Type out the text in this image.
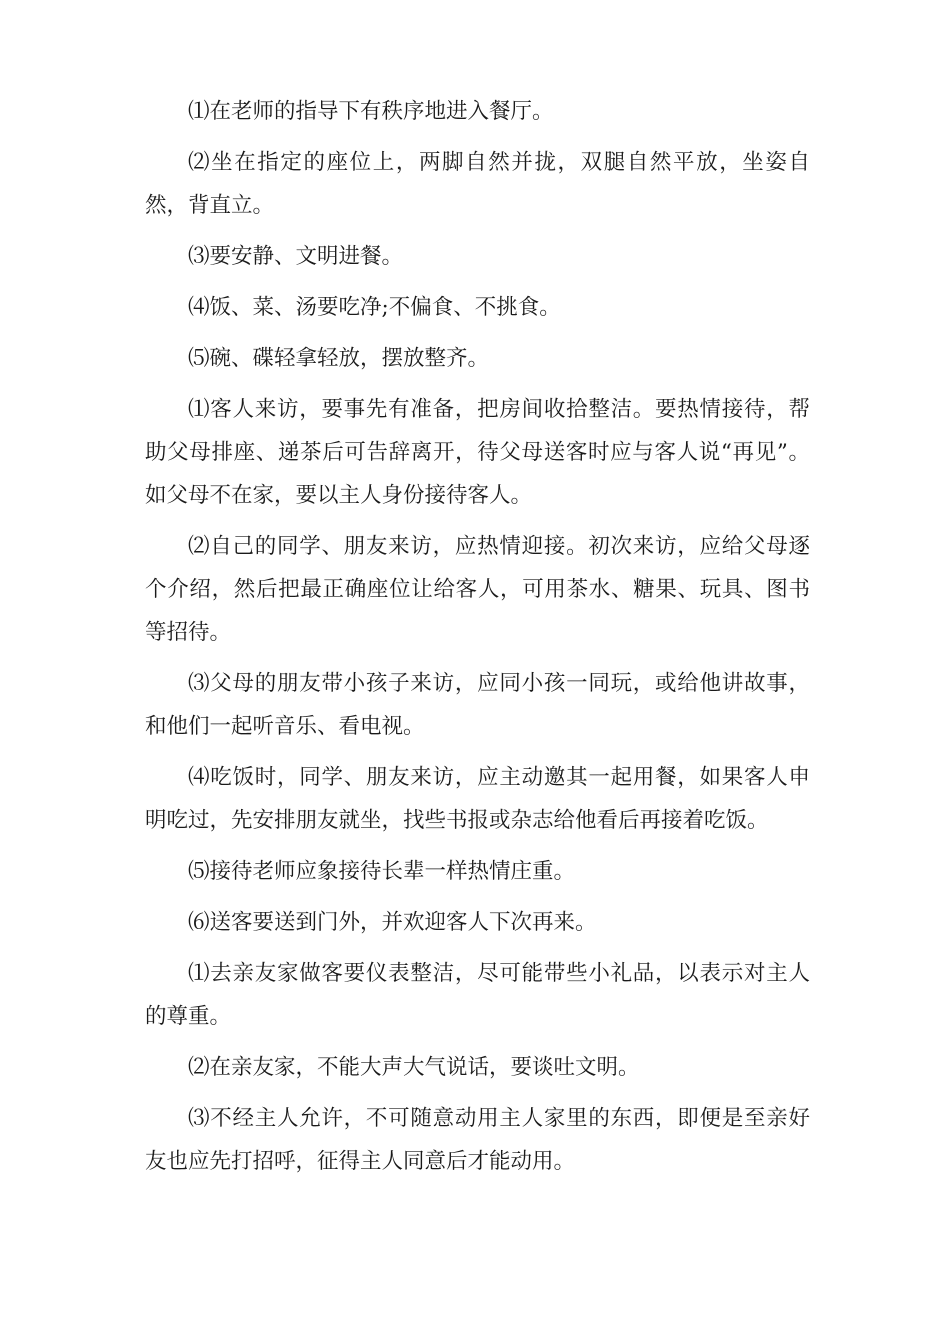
⑴在老师的指导下有秩序地进入餐厅。

⑵坐在指定的座位上，两脚自然并拢，双腿自然平放，坐姿自然，背直立。

⑶要安静、文明进餐。

⑷饭、菜、汤要吃净;不偏食、不挑食。

⑸碗、碟轻拿轻放，摆放整齐。

⑴客人来访，要事先有准备，把房间收拾整洁。要热情接待，帮助父母排座、递茶后可告辞离开，待父母送客时应与客人说“再见”。如父母不在家，要以主人身份接待客人。

⑵自己的同学、朋友来访，应热情迎接。初次来访，应给父母逐个介绍，然后把最正确座位让给客人，可用茶水、糖果、玩具、图书等招待。

⑶父母的朋友带小孩子来访，应同小孩一同玩，或给他讲故事，和他们一起听音乐、看电视。

⑷吃饭时，同学、朋友来访，应主动邀其一起用餐，如果客人申明吃过，先安排朋友就坐，找些书报或杂志给他看后再接着吃饭。

⑸接待老师应象接待长辈一样热情庄重。

⑹送客要送到门外，并欢迎客人下次再来。

⑴去亲友家做客要仪表整洁，尽可能带些小礼品，以表示对主人的尊重。

⑵在亲友家，不能大声大气说话，要谈吐文明。

⑶不经主人允许，不可随意动用主人家里的东西，即便是至亲好友也应先打招呼，征得主人同意后才能动用。
